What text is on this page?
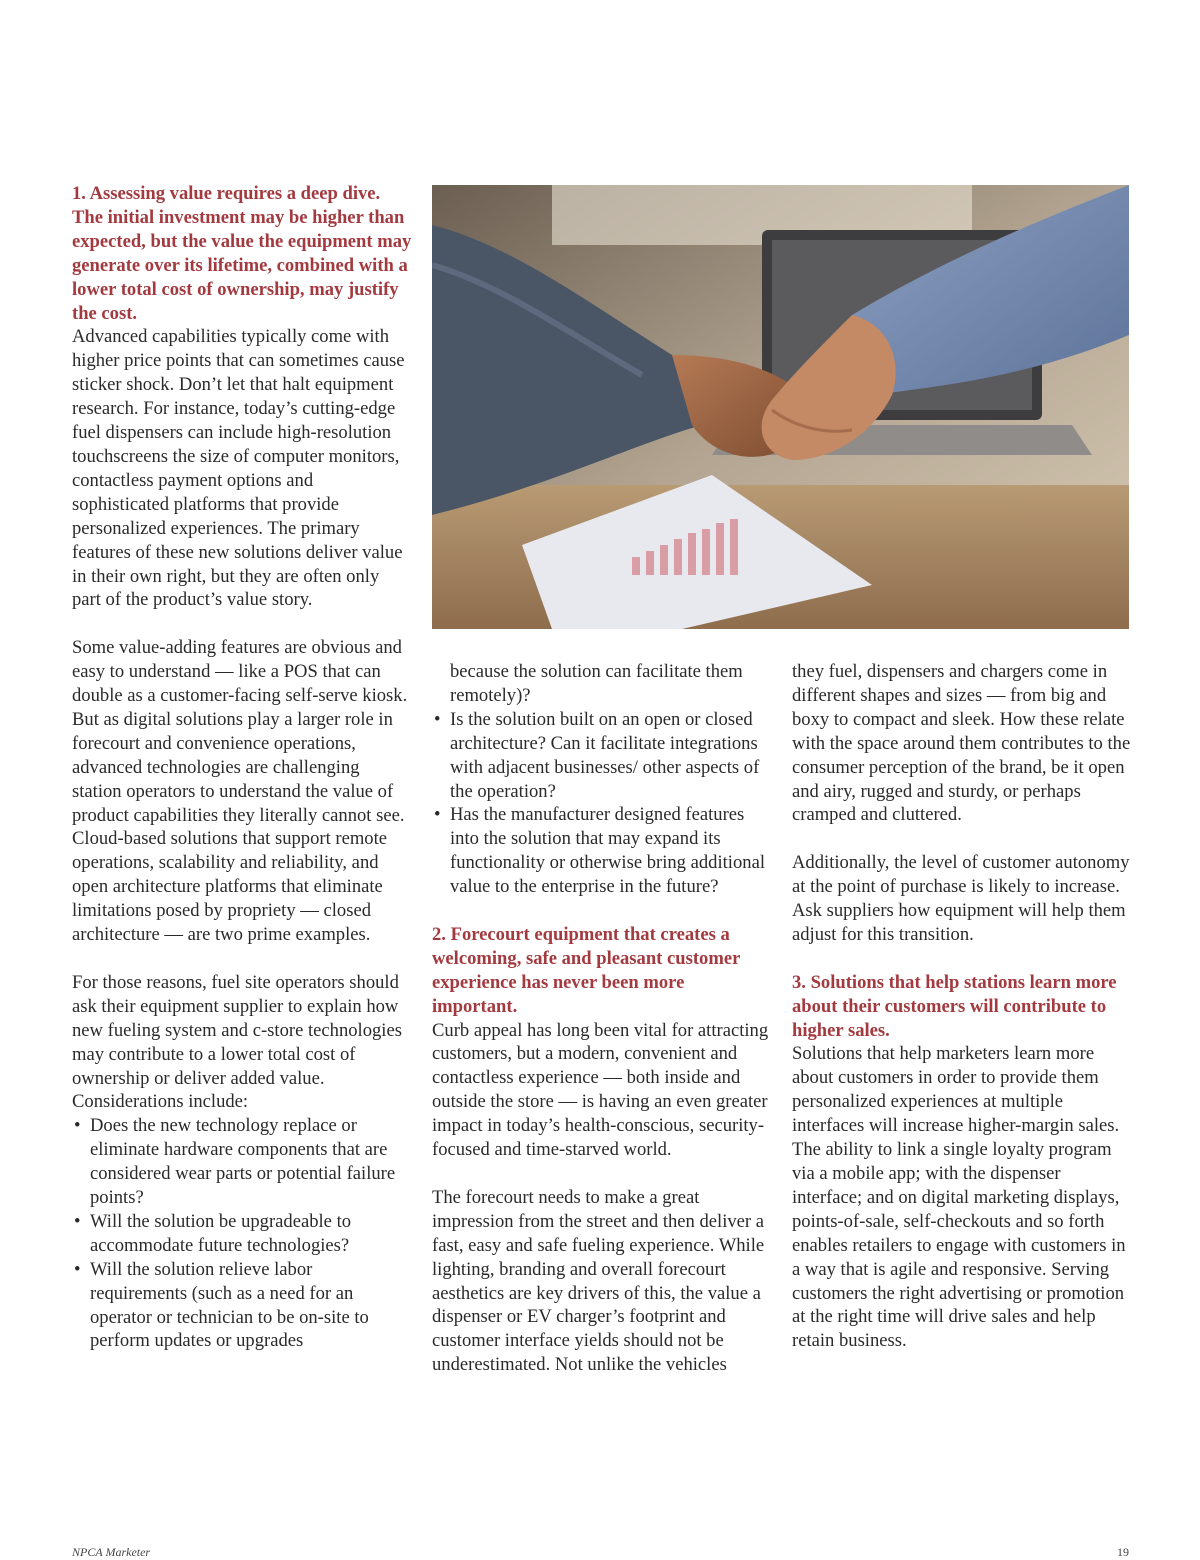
1. Assessing value requires a deep dive. The initial investment may be higher than expected, but the value the equipment may generate over its lifetime, combined with a lower total cost of ownership, may justify the cost.
Advanced capabilities typically come with higher price points that can sometimes cause sticker shock. Don’t let that halt equipment research. For instance, today’s cutting-edge fuel dispensers can include high-resolution touchscreens the size of computer monitors, contactless payment options and sophisticated platforms that provide personalized experiences. The primary features of these new solutions deliver value in their own right, but they are often only part of the product’s value story.

Some value-adding features are obvious and easy to understand — like a POS that can double as a customer-facing self-serve kiosk. But as digital solutions play a larger role in forecourt and convenience operations, advanced technologies are challenging station operators to understand the value of product capabilities they literally cannot see. Cloud-based solutions that support remote operations, scalability and reliability, and open architecture platforms that eliminate limitations posed by propriety — closed architecture — are two prime examples.

For those reasons, fuel site operators should ask their equipment supplier to explain how new fueling system and c-store technologies may contribute to a lower total cost of ownership or deliver added value. Considerations include:

• Does the new technology replace or eliminate hardware components that are considered wear parts or potential failure points?
• Will the solution be upgradeable to accommodate future technologies?
• Will the solution relieve labor requirements (such as a need for an operator or technician to be on-site to perform updates or upgrades
because the solution can facilitate them remotely)?
• Is the solution built on an open or closed architecture? Can it facilitate integrations with adjacent businesses/ other aspects of the operation?
• Has the manufacturer designed features into the solution that may expand its functionality or otherwise bring additional value to the enterprise in the future?

2. Forecourt equipment that creates a welcoming, safe and pleasant customer experience has never been more important.
Curb appeal has long been vital for attracting customers, but a modern, convenient and contactless experience — both inside and outside the store — is having an even greater impact in today’s health-conscious, security-focused and time-starved world.

The forecourt needs to make a great impression from the street and then deliver a fast, easy and safe fueling experience. While lighting, branding and overall forecourt aesthetics are key drivers of this, the value a dispenser or EV charger’s footprint and customer interface yields should not be underestimated. Not unlike the vehicles

they fuel, dispensers and chargers come in different shapes and sizes — from big and boxy to compact and sleek. How these relate with the space around them contributes to the consumer perception of the brand, be it open and airy, rugged and sturdy, or perhaps cramped and cluttered.

Additionally, the level of customer autonomy at the point of purchase is likely to increase. Ask suppliers how equipment will help them adjust for this transition.

3. Solutions that help stations learn more about their customers will contribute to higher sales.
Solutions that help marketers learn more about customers in order to provide them personalized experiences at multiple interfaces will increase higher-margin sales. The ability to link a single loyalty program via a mobile app; with the dispenser interface; and on digital marketing displays, points-of-sale, self-checkouts and so forth enables retailers to engage with customers in a way that is agile and responsive. Serving customers the right advertising or promotion at the right time will drive sales and help retain business.

NPCA Marketer	19
